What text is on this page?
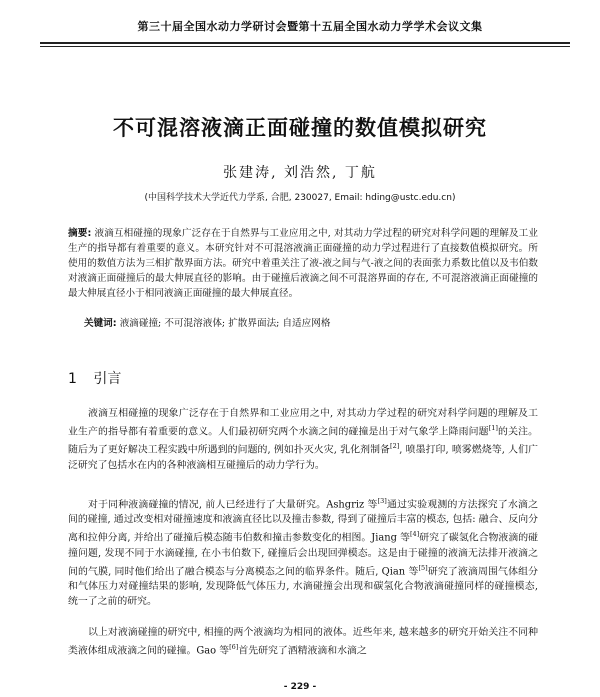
第三十届全国水动力学研讨会暨第十五届全国水动力学学术会议文集
不可混溶液滴正面碰撞的数值模拟研究
张建涛, 刘浩然, 丁航
(中国科学技术大学近代力学系, 合肥, 230027, Email: hding@ustc.edu.cn)
摘要: 液滴互相碰撞的现象广泛存在于自然界与工业应用之中, 对其动力学过程的研究对科学问题的理解及工业生产的指导都有着重要的意义。本研究针对不可混溶液滴正面碰撞的动力学过程进行了直接数值模拟研究。所使用的数值方法为三相扩散界面方法。研究中着重关注了液-液之间与气-液之间的表面张力系数比值以及韦伯数对液滴正面碰撞后的最大伸展直径的影响。由于碰撞后液滴之间不可混溶界面的存在, 不可混溶液滴正面碰撞的最大伸展直径小于相同液滴正面碰撞的最大伸展直径。
关键词: 液滴碰撞; 不可混溶液体; 扩散界面法; 自适应网格
1 引言
液滴互相碰撞的现象广泛存在于自然界和工业应用之中, 对其动力学过程的研究对科学问题的理解及工业生产的指导都有着重要的意义。人们最初研究两个水滴之间的碰撞是出于对气象学上降雨问题[1]的关注。随后为了更好解决工程实践中所遇到的问题的, 例如扑灭火灾, 乳化剂制备[2], 喷墨打印, 喷雾燃烧等, 人们广泛研究了包括水在内的各种液滴相互碰撞后的动力学行为。
对于同种液滴碰撞的情况, 前人已经进行了大量研究。Ashgriz 等[3]通过实验观测的方法探究了水滴之间的碰撞, 通过改变相对碰撞速度和液滴直径比以及撞击参数, 得到了碰撞后丰富的模态, 包括: 融合、反向分离和拉伸分离, 并给出了碰撞后模态随韦伯数和撞击参数变化的相图。Jiang 等[4]研究了碳氢化合物液滴的碰撞问题, 发现不同于水滴碰撞, 在小韦伯数下, 碰撞后会出现回弹模态。这是由于碰撞的液滴无法排开液滴之间的气膜, 同时他们给出了融合模态与分离模态之间的临界条件。随后, Qian 等[5]研究了液滴周围气体组分和气体压力对碰撞结果的影响, 发现降低气体压力, 水滴碰撞会出现和碳氢化合物液滴碰撞同样的碰撞模态, 统一了之前的研究。
以上对液滴碰撞的研究中, 相撞的两个液滴均为相同的液体。近些年来, 越来越多的研究开始关注不同种类液体组成液滴之间的碰撞。Gao 等[6]首先研究了酒精液滴和水滴之
- 229 -
